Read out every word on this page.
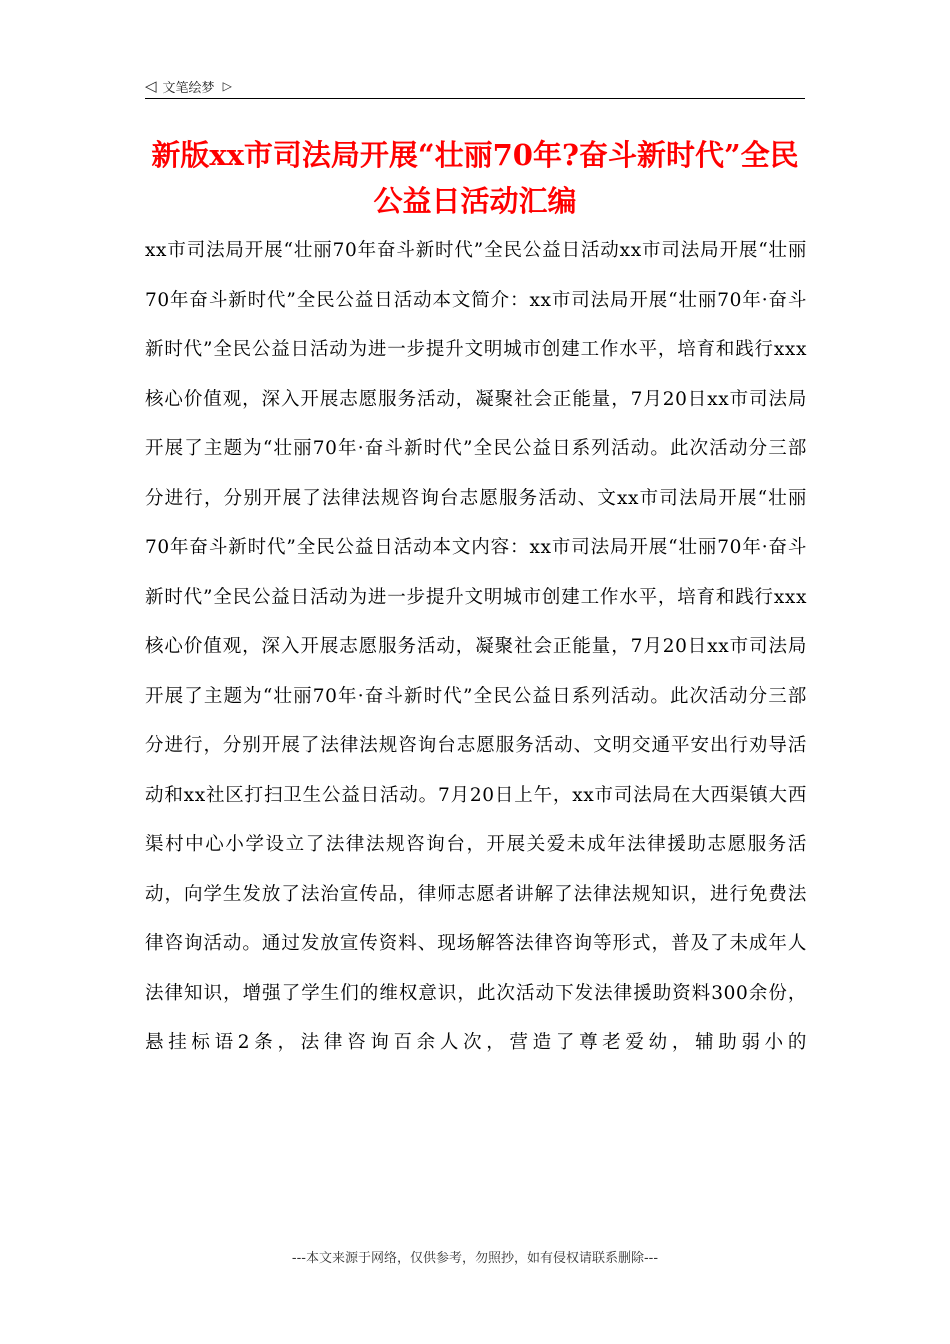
◁ 文笔绘梦 ▷
新版xx市司法局开展“壮丽70年?奋斗新时代”全民公益日活动汇编

xx市司法局开展“壮丽70年奋斗新时代”全民公益日活动xx市司法局开展“壮丽70年奋斗新时代”全民公益日活动本文简介：xx市司法局开展“壮丽70年·奋斗新时代”全民公益日活动为进一步提升文明城市创建工作水平，培育和践行xxx核心价值观，深入开展志愿服务活动，凝聚社会正能量，7月20日xx市司法局开展了主题为“壮丽70年·奋斗新时代”全民公益日系列活动。此次活动分三部分进行，分别开展了法律法规咨询台志愿服务活动、文xx市司法局开展“壮丽70年奋斗新时代”全民公益日活动本文内容：xx市司法局开展“壮丽70年·奋斗新时代”全民公益日活动为进一步提升文明城市创建工作水平，培育和践行xxx核心价值观，深入开展志愿服务活动，凝聚社会正能量，7月20日xx市司法局开展了主题为“壮丽70年·奋斗新时代”全民公益日系列活动。此次活动分三部分进行，分别开展了法律法规咨询台志愿服务活动、文明交通平安出行劝导活动和xx社区打扫卫生公益日活动。7月20日上午，xx市司法局在大西渠镇大西渠村中心小学设立了法律法规咨询台，开展关爱未成年法律援助志愿服务活动，向学生发放了法治宣传品，律师志愿者讲解了法律法规知识，进行免费法律咨询活动。通过发放宣传资料、现场解答法律咨询等形式，普及了未成年人法律知识，增强了学生们的维权意识，此次活动下发法律援助资料300余份，悬挂标语2条，法律咨询百余人次，营造了尊老爱幼，辅助弱小的

---本文来源于网络，仅供参考，勿照抄，如有侵权请联系删除---
